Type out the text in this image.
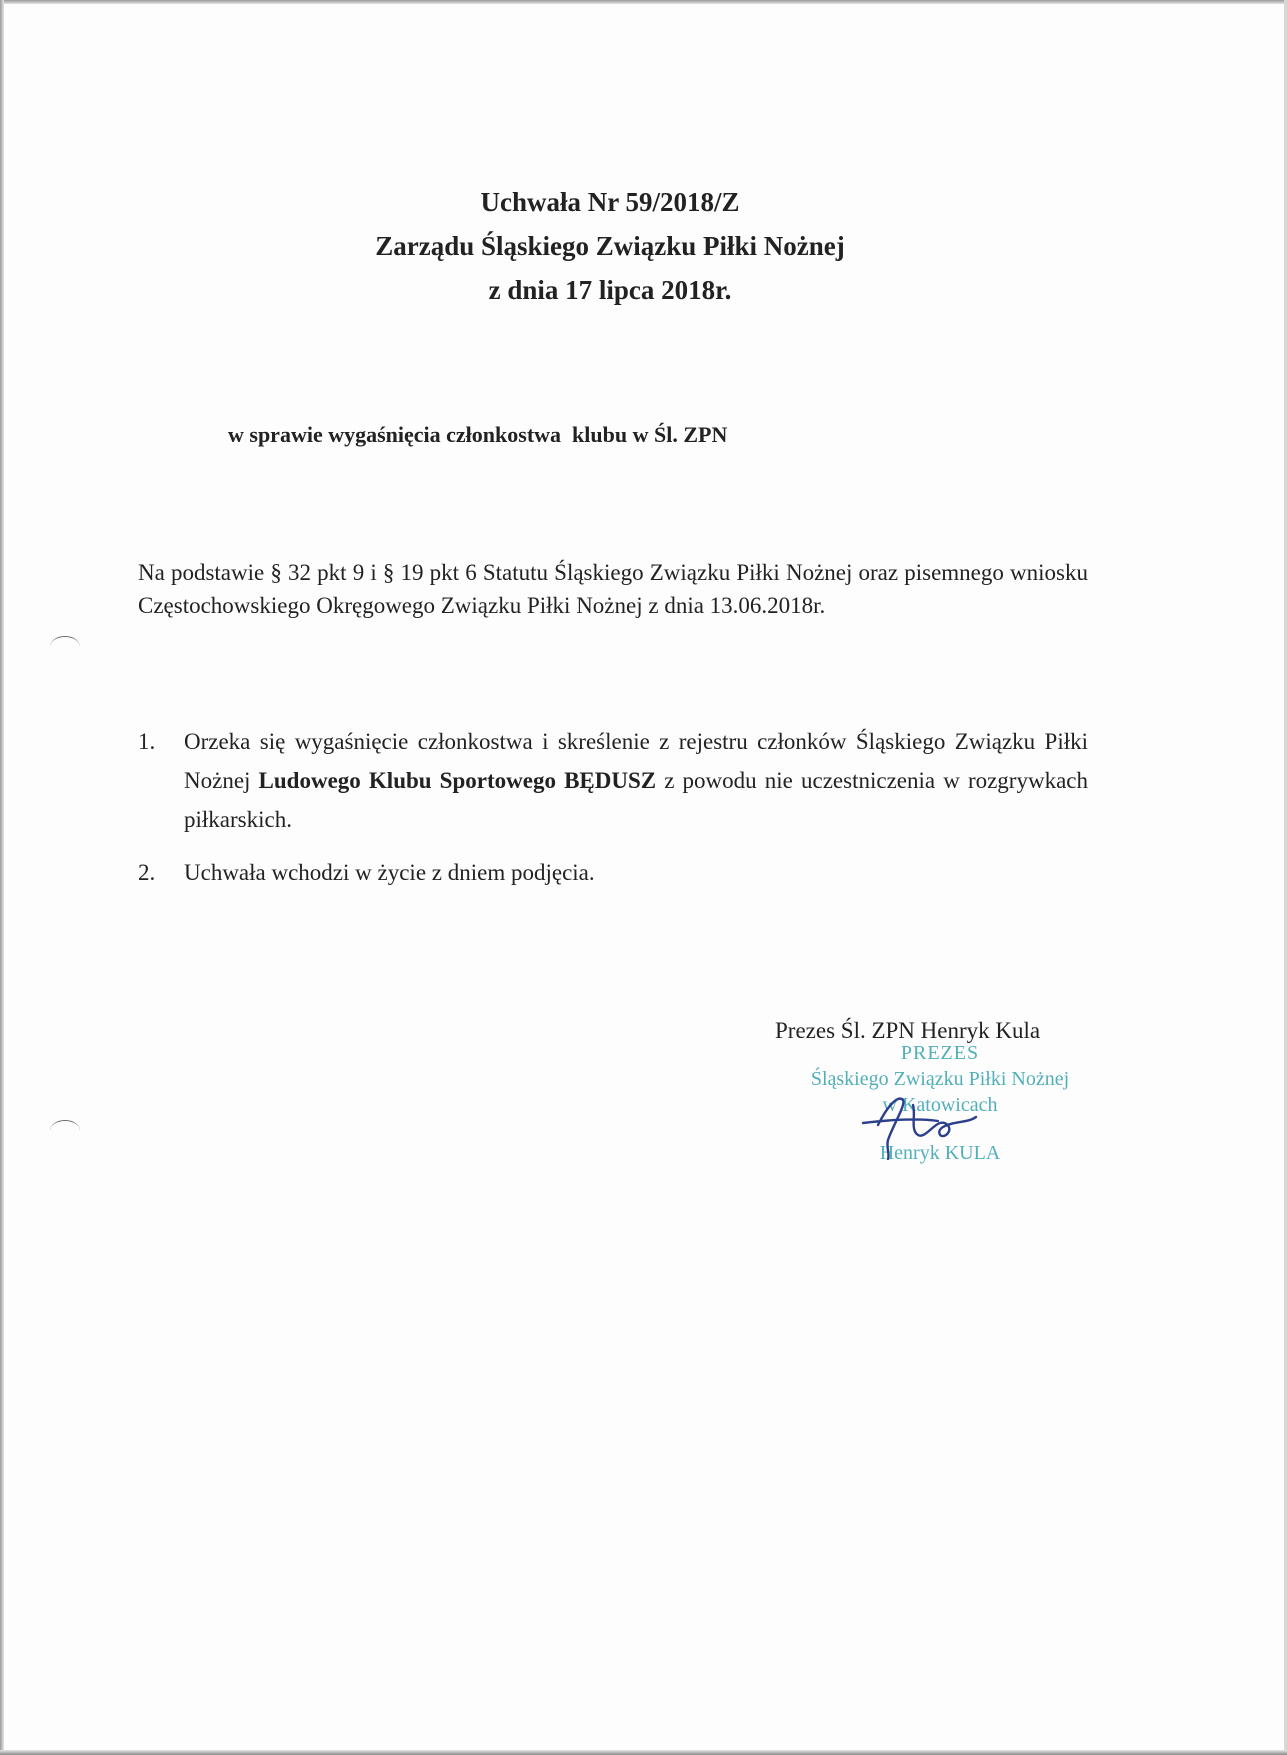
Uchwała Nr 59/2018/Z
Zarządu Śląskiego Związku Piłki Nożnej
z dnia 17 lipca 2018r.
w sprawie wygaśnięcia członkostwa  klubu w Śl. ZPN
Na podstawie § 32 pkt 9 i § 19 pkt 6 Statutu Śląskiego Związku Piłki Nożnej oraz pisemnego wniosku Częstochowskiego Okręgowego Związku Piłki Nożnej z dnia 13.06.2018r.
1.	Orzeka się wygaśnięcie członkostwa i skreślenie z rejestru członków Śląskiego Związku Piłki Nożnej Ludowego Klubu Sportowego BĘDUSZ z powodu nie uczestniczenia w rozgrywkach piłkarskich.
2.	Uchwała wchodzi w życie z dniem podjęcia.
Prezes Śl. ZPN Henryk Kula
PREZES
Śląskiego Związku Piłki Nożnej
w Katowicach
Henryk KULA
